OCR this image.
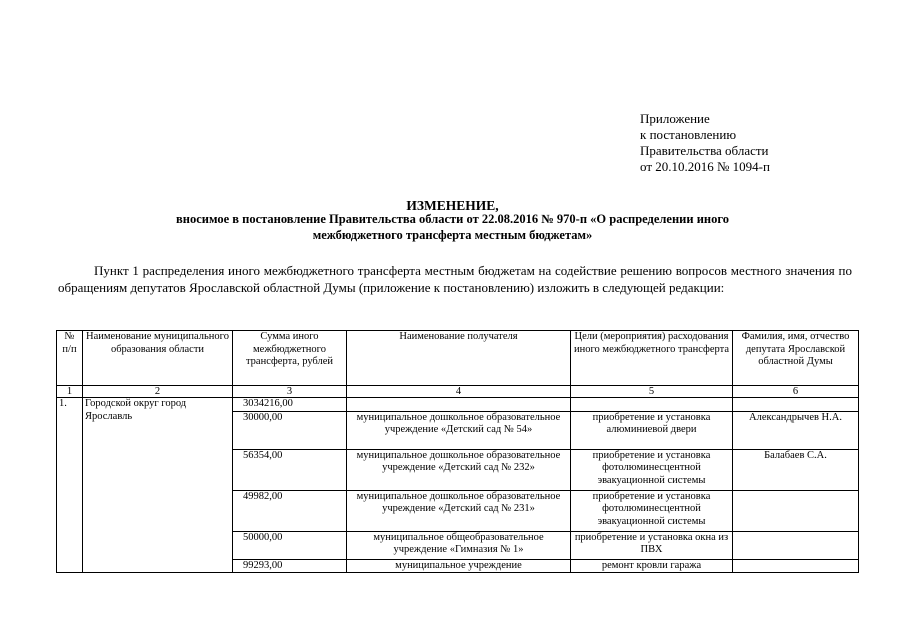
Приложение
к постановлению
Правительства области
от 20.10.2016 № 1094-п
ИЗМЕНЕНИЕ,
вносимое в постановление Правительства области от 22.08.2016 № 970-п «О распределении иного
межбюджетного трансферта местным бюджетам»
Пункт 1 распределения иного межбюджетного трансферта местным бюджетам на содействие решению вопросов местного значения по обращениям депутатов Ярославской областной Думы (приложение к постановлению) изложить в следующей редакции:
№ п/п	Наименование муниципального образования области	Сумма иного межбюджетного трансферта, рублей	Наименование получателя	Цели (мероприятия) расходования иного межбюджетного трансферта	Фамилия, имя, отчество депутата Ярославской областной Думы
1	2	3	4	5	6
1.	Городской округ город Ярославль	3034216,00			
		30000,00	муниципальное дошкольное образовательное учреждение «Детский сад № 54»	приобретение и установка алюминиевой двери	Александрычев Н.А.
		56354,00	муниципальное дошкольное образовательное учреждение «Детский сад № 232»	приобретение и установка фотолюминесцентной эвакуационной системы	Балабаев С.А.
		49982,00	муниципальное дошкольное образовательное учреждение «Детский сад № 231»	приобретение и установка фотолюминесцентной эвакуационной системы	
		50000,00	муниципальное общеобразовательное учреждение «Гимназия № 1»	приобретение и установка окна из ПВХ	
		99293,00	муниципальное учреждение	ремонт кровли гаража	
